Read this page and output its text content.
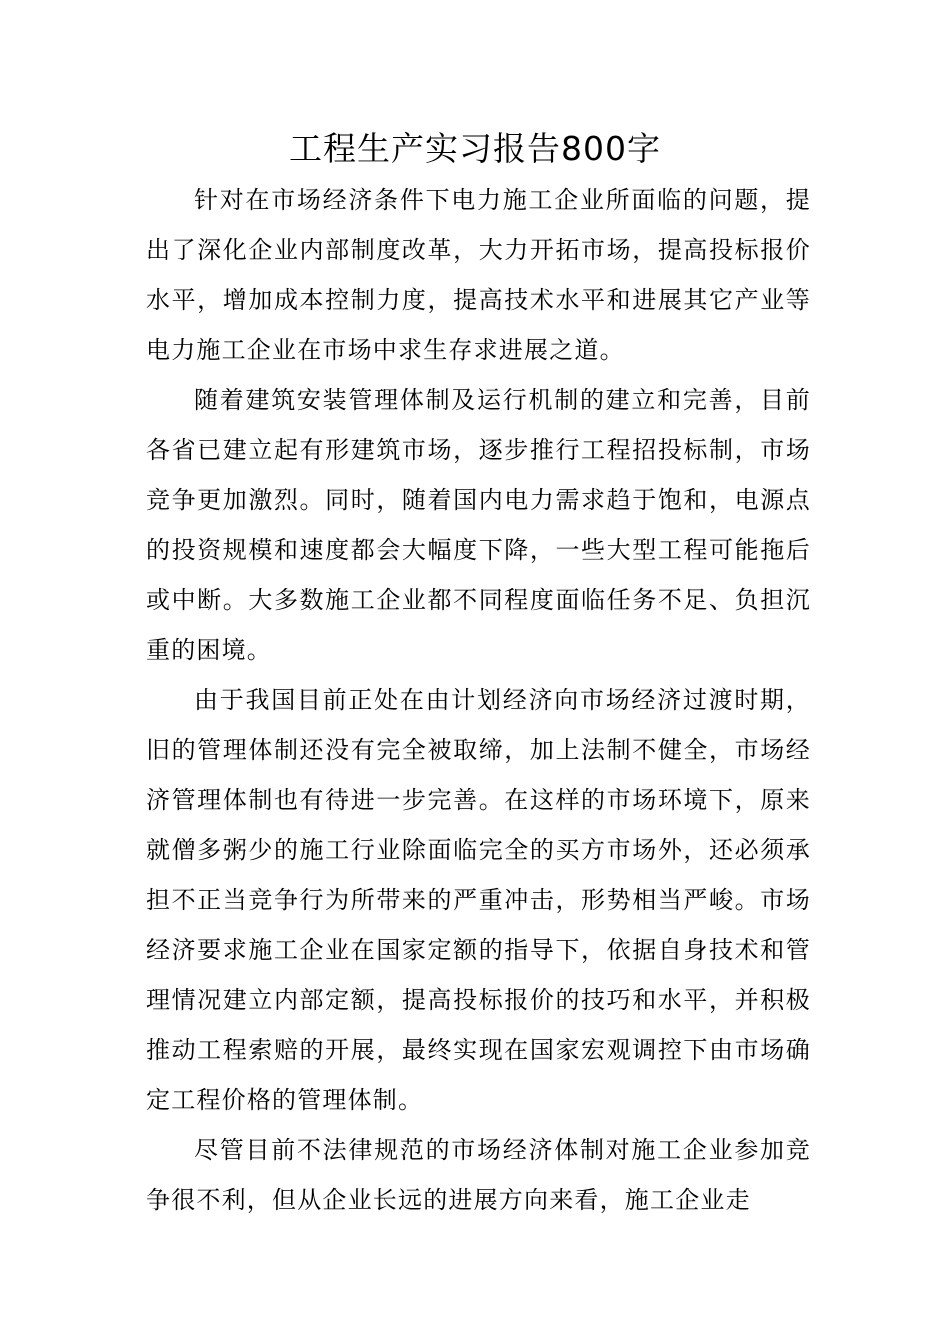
工程生产实习报告800字

针对在市场经济条件下电力施工企业所面临的问题，提出了深化企业内部制度改革，大力开拓市场，提高投标报价水平，增加成本控制力度，提高技术水平和进展其它产业等电力施工企业在市场中求生存求进展之道。

随着建筑安装管理体制及运行机制的建立和完善，目前各省已建立起有形建筑市场，逐步推行工程招投标制，市场竞争更加激烈。同时，随着国内电力需求趋于饱和，电源点的投资规模和速度都会大幅度下降，一些大型工程可能拖后或中断。大多数施工企业都不同程度面临任务不足、负担沉重的困境。

由于我国目前正处在由计划经济向市场经济过渡时期，旧的管理体制还没有完全被取缔，加上法制不健全，市场经济管理体制也有待进一步完善。在这样的市场环境下，原来就僧多粥少的施工行业除面临完全的买方市场外，还必须承担不正当竞争行为所带来的严重冲击，形势相当严峻。市场经济要求施工企业在国家定额的指导下，依据自身技术和管理情况建立内部定额，提高投标报价的技巧和水平，并积极推动工程索赔的开展，最终实现在国家宏观调控下由市场确定工程价格的管理体制。

尽管目前不法律规范的市场经济体制对施工企业参加竞争很不利，但从企业长远的进展方向来看，施工企业走
